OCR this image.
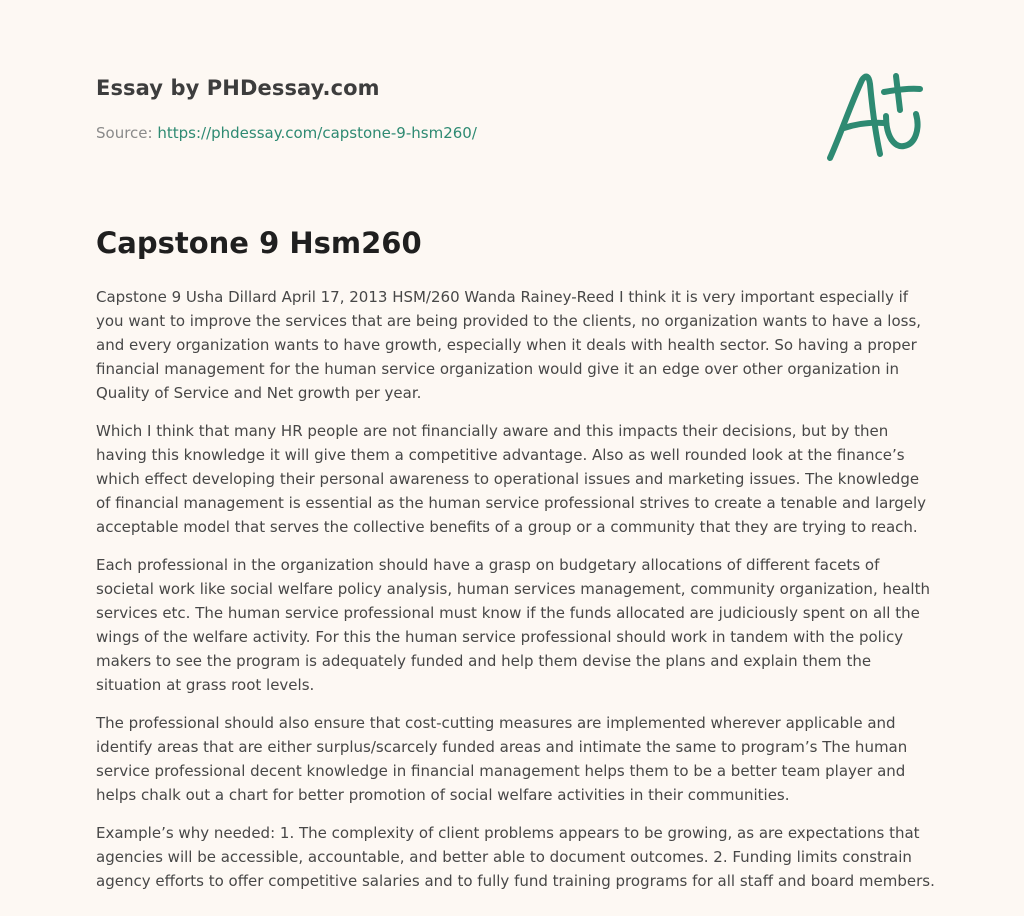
Essay by PHDessay.com

Source: https://phdessay.com/capstone-9-hsm260/

Capstone 9 Hsm260

Capstone 9 Usha Dillard April 17, 2013 HSM/260 Wanda Rainey-Reed I think it is very important especially if you want to improve the services that are being provided to the clients, no organization wants to have a loss, and every organization wants to have growth, especially when it deals with health sector. So having a proper financial management for the human service organization would give it an edge over other organization in Quality of Service and Net growth per year.

Which I think that many HR people are not financially aware and this impacts their decisions, but by then having this knowledge it will give them a competitive advantage. Also as well rounded look at the finance’s which effect developing their personal awareness to operational issues and marketing issues. The knowledge of financial management is essential as the human service professional strives to create a tenable and largely acceptable model that serves the collective benefits of a group or a community that they are trying to reach.

Each professional in the organization should have a grasp on budgetary allocations of different facets of societal work like social welfare policy analysis, human services management, community organization, health services etc. The human service professional must know if the funds allocated are judiciously spent on all the wings of the welfare activity. For this the human service professional should work in tandem with the policy makers to see the program is adequately funded and help them devise the plans and explain them the situation at grass root levels.

The professional should also ensure that cost-cutting measures are implemented wherever applicable and identify areas that are either surplus/scarcely funded areas and intimate the same to program’s The human service professional decent knowledge in financial management helps them to be a better team player and helps chalk out a chart for better promotion of social welfare activities in their communities.

Example’s why needed: 1. The complexity of client problems appears to be growing, as are expectations that agencies will be accessible, accountable, and better able to document outcomes. 2. Funding limits constrain agency efforts to offer competitive salaries and to fully fund training programs for all staff and board members.
